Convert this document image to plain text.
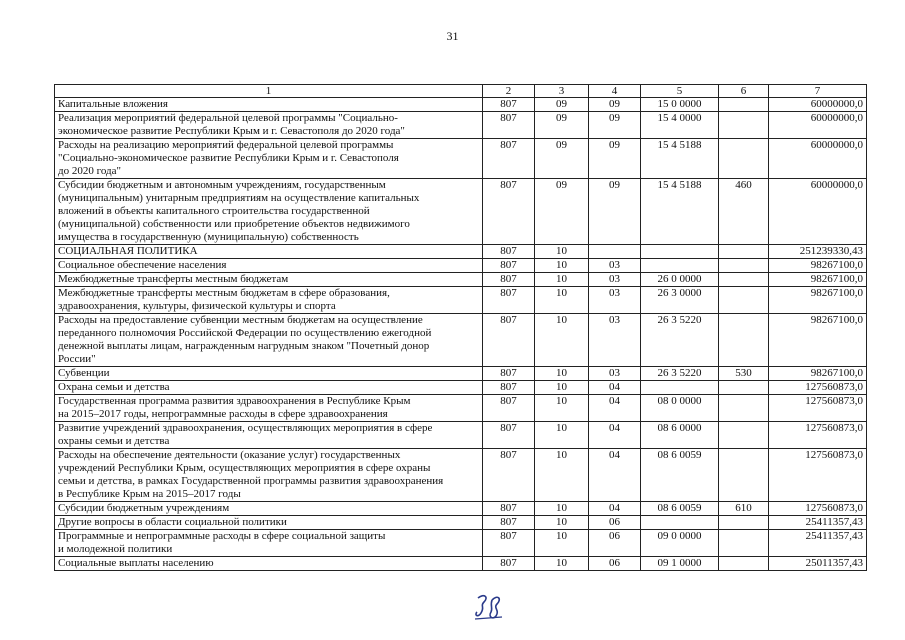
31
1	2	3	4	5	6	7
Капитальные вложения	807	09	09	15 0 0000		60000000,0
Реализация мероприятий федеральной целевой программы "Социально-
экономическое развитие Республики Крым и г. Севастополя до 2020 года"	807	09	09	15 4 0000		60000000,0
Расходы на реализацию мероприятий федеральной целевой программы
"Социально-экономическое развитие Республики Крым и г. Севастополя
до 2020 года"	807	09	09	15 4 5188		60000000,0
Субсидии бюджетным и автономным учреждениям, государственным
(муниципальным) унитарным предприятиям на осуществление капитальных
вложений в объекты капитального строительства государственной
(муниципальной) собственности или приобретение объектов недвижимого
имущества в государственную (муниципальную) собственность	807	09	09	15 4 5188	460	60000000,0
СОЦИАЛЬНАЯ ПОЛИТИКА	807	10				251239330,43
Социальное обеспечение населения	807	10	03			98267100,0
Межбюджетные трансферты местным бюджетам	807	10	03	26 0 0000		98267100,0
Межбюджетные трансферты местным бюджетам в сфере образования,
здравоохранения, культуры, физической культуры и спорта	807	10	03	26 3 0000		98267100,0
Расходы на предоставление субвенции местным бюджетам на осуществление
переданного полномочия Российской Федерации по осуществлению ежегодной
денежной выплаты лицам, награжденным нагрудным знаком "Почетный донор
России"	807	10	03	26 3 5220		98267100,0
Субвенции	807	10	03	26 3 5220	530	98267100,0
Охрана семьи и детства	807	10	04			127560873,0
Государственная программа развития здравоохранения в Республике Крым
на 2015–2017 годы, непрограммные расходы в сфере здравоохранения	807	10	04	08 0 0000		127560873,0
Развитие учреждений здравоохранения, осуществляющих мероприятия в сфере
охраны семьи и детства	807	10	04	08 6 0000		127560873,0
Расходы на обеспечение деятельности (оказание услуг) государственных
учреждений Республики Крым, осуществляющих мероприятия в сфере охраны
семьи и детства, в рамках Государственной программы развития здравоохранения
в Республике Крым на 2015–2017 годы	807	10	04	08 6 0059		127560873,0
Субсидии бюджетным учреждениям	807	10	04	08 6 0059	610	127560873,0
Другие вопросы в области социальной политики	807	10	06			25411357,43
Программные и непрограммные расходы в сфере социальной защиты
и молодежной политики	807	10	06	09 0 0000		25411357,43
Социальные выплаты населению	807	10	06	09 1 0000		25011357,43
